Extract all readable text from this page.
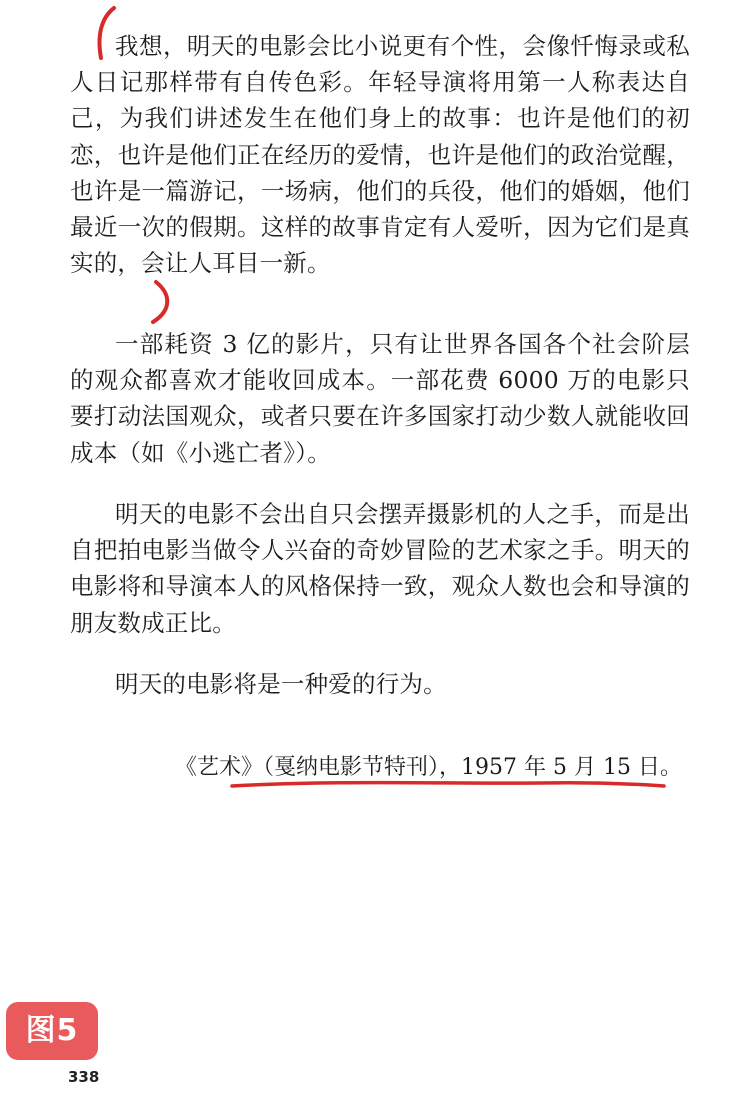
我想，明天的电影会比小说更有个性，会像忏悔录或私人日记那样带有自传色彩。年轻导演将用第一人称表达自己，为我们讲述发生在他们身上的故事：也许是他们的初恋，也许是他们正在经历的爱情，也许是他们的政治觉醒，也许是一篇游记，一场病，他们的兵役，他们的婚姻，他们最近一次的假期。这样的故事肯定有人爱听，因为它们是真实的，会让人耳目一新。

一部耗资 3 亿的影片，只有让世界各国各个社会阶层的观众都喜欢才能收回成本。一部花费 6000 万的电影只要打动法国观众，或者只要在许多国家打动少数人就能收回成本（如《小逃亡者》）。

明天的电影不会出自只会摆弄摄影机的人之手，而是出自把拍电影当做令人兴奋的奇妙冒险的艺术家之手。明天的电影将和导演本人的风格保持一致，观众人数也会和导演的朋友数成正比。

明天的电影将是一种爱的行为。

《艺术》（戛纳电影节特刊），1957 年 5 月 15 日。
图5
338
